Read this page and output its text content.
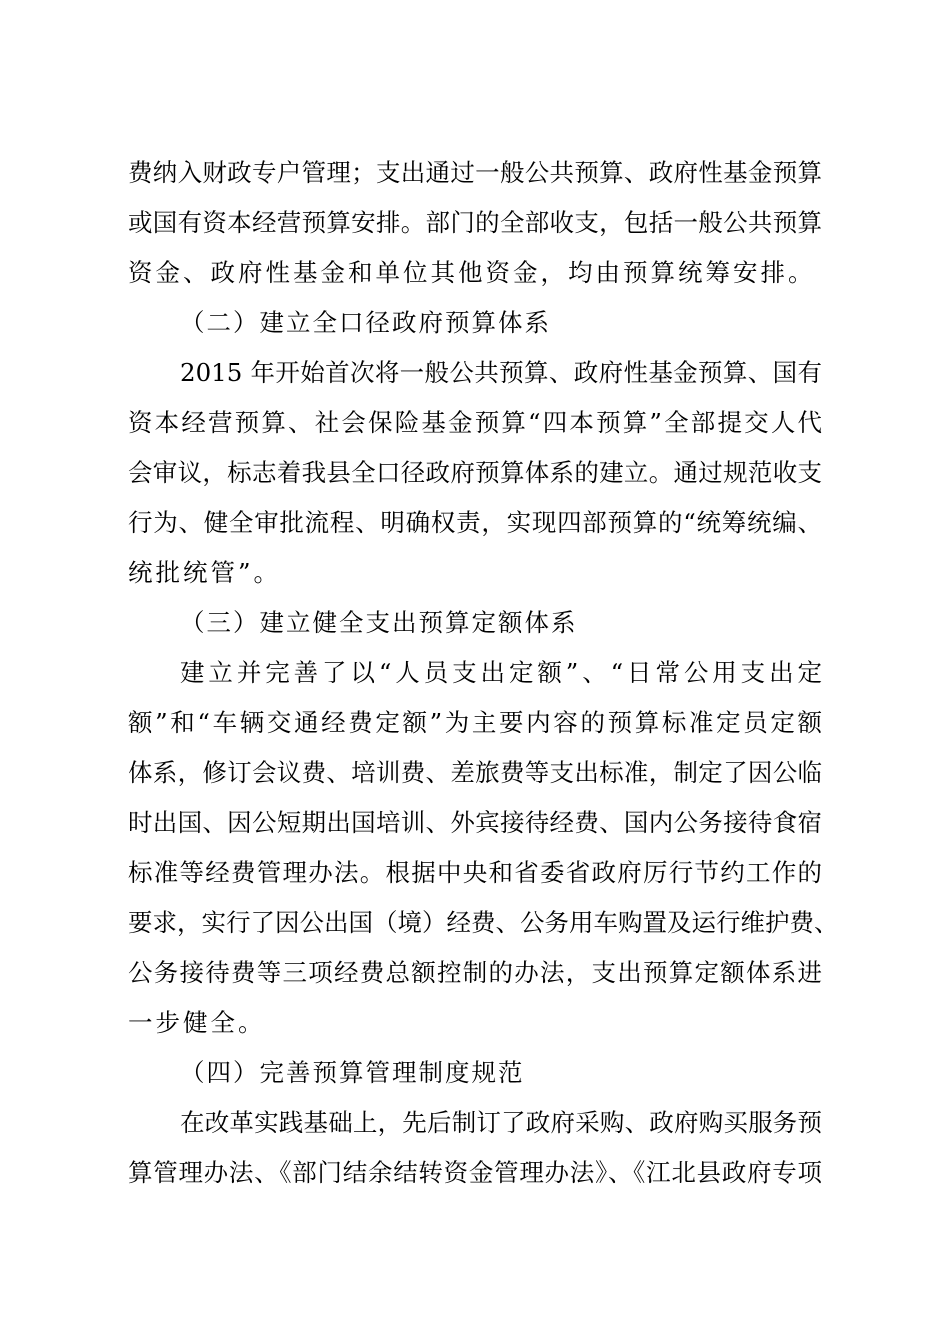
费纳入财政专户管理；支出通过一般公共预算、政府性基金预算
或国有资本经营预算安排。部门的全部收支，包括一般公共预算
资金、政府性基金和单位其他资金，均由预算统筹安排。
（二）建立全口径政府预算体系
2015 年开始首次将一般公共预算、政府性基金预算、国有
资本经营预算、社会保险基金预算“四本预算”全部提交人代
会审议，标志着我县全口径政府预算体系的建立。通过规范收支
行为、健全审批流程、明确权责，实现四部预算的“统筹统编、
统批统管”。
（三）建立健全支出预算定额体系
建立并完善了以“人员支出定额”、“日常公用支出定
额”和“车辆交通经费定额”为主要内容的预算标准定员定额
体系，修订会议费、培训费、差旅费等支出标准，制定了因公临
时出国、因公短期出国培训、外宾接待经费、国内公务接待食宿
标准等经费管理办法。根据中央和省委省政府厉行节约工作的
要求，实行了因公出国（境）经费、公务用车购置及运行维护费、
公务接待费等三项经费总额控制的办法，支出预算定额体系进
一步健全。
（四）完善预算管理制度规范
在改革实践基础上，先后制订了政府采购、政府购买服务预
算管理办法、《部门结余结转资金管理办法》、《江北县政府专项
